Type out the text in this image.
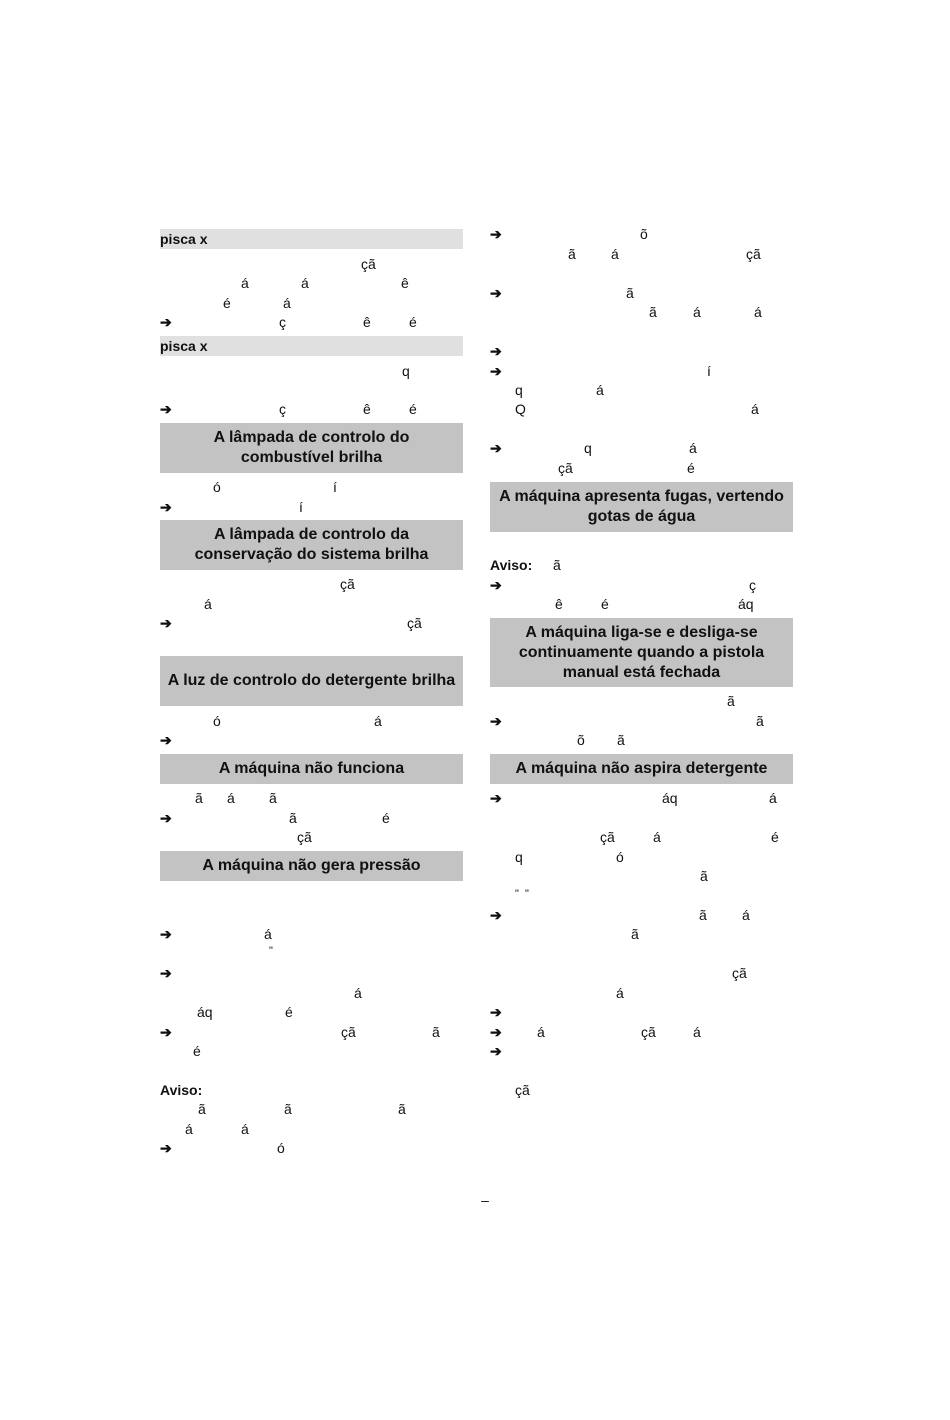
pisca x
çã
á	á	ê
é	á
➔	ç	ê	é
pisca x
q
➔	ç	ê	é
A lâmpada de controlo do combustível brilha
ó	í
➔	í
A lâmpada de controlo da conservação do sistema brilha
çã
á
➔	çã
A luz de controlo do detergente brilha
ó	á
➔
A máquina não funciona
ã á ã
➔	ã	é
çã
A máquina não gera pressão
➔	á
"
➔
á
áq	é
➔	çã	ã
é
Aviso:
ã	ã	ã
á	á
➔	ó
➔	õ
ã	á	çã
➔	ã
ã	á	á
➔
➔	í
q	á
Q	á
➔	q	á
çã	é
A máquina apresenta fugas, vertendo gotas de água
Aviso: ã
➔	ç
ê	é	áq
A máquina liga-se e desliga-se continuamente quando a pistola manual está fechada
ã
➔	ã
õ ã
A máquina não aspira detergente
➔	áq	á
çã	á	é
q	ó
ã
"  "
➔	ã	á
ã
çã
á
➔
➔	á	çã	á
➔
çã
–
